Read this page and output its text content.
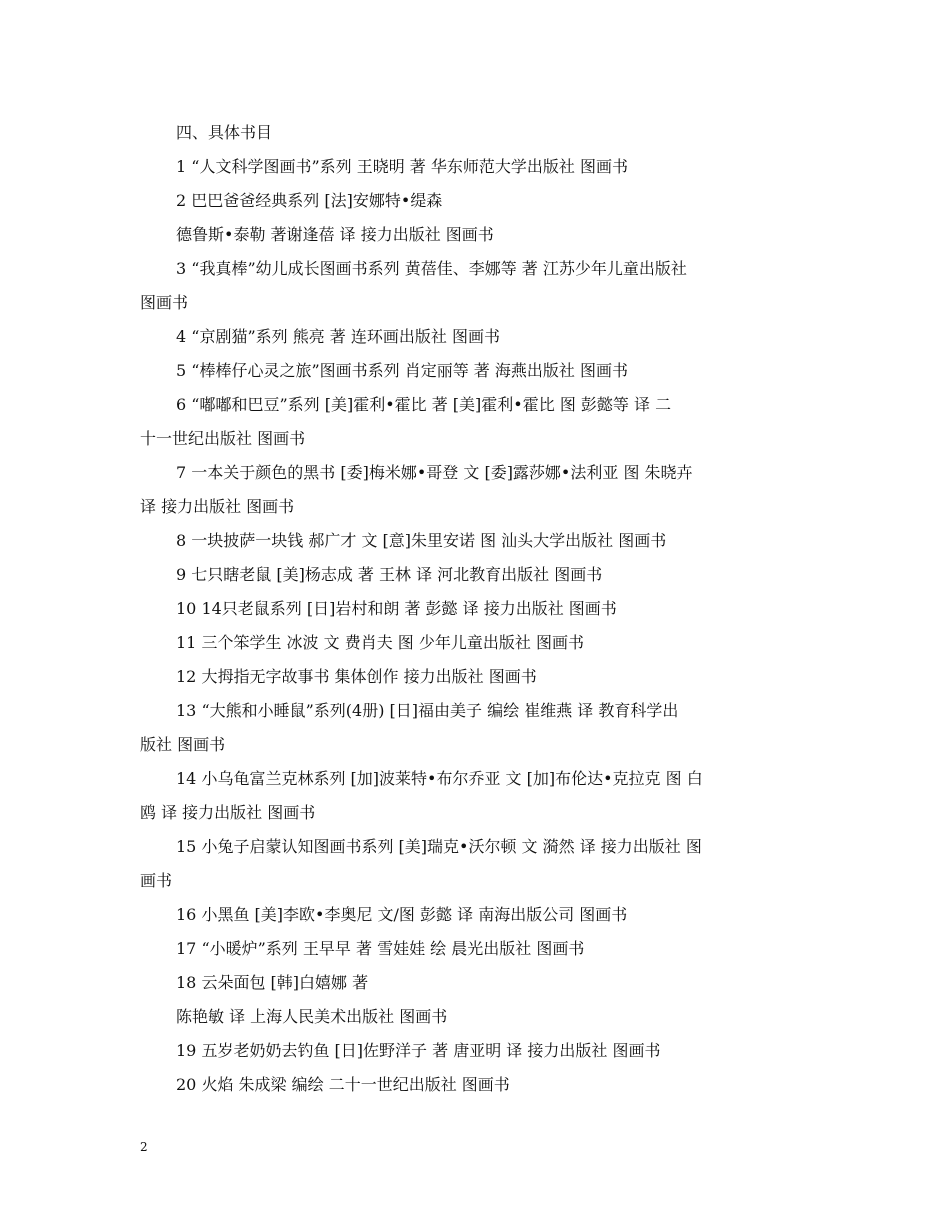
四、具体书目
1 “人文科学图画书”系列 王晓明 著 华东师范大学出版社 图画书
2 巴巴爸爸经典系列 [法]安娜特•缇森
德鲁斯•泰勒 著谢逢蓓 译 接力出版社 图画书
3 “我真棒”幼儿成长图画书系列 黄蓓佳、李娜等 著 江苏少年儿童出版社
图画书
4 “京剧猫”系列 熊亮 著 连环画出版社 图画书
5 “棒棒仔心灵之旅”图画书系列 肖定丽等 著 海燕出版社 图画书
6 “嘟嘟和巴豆”系列 [美]霍利•霍比 著 [美]霍利•霍比 图 彭懿等 译 二
十一世纪出版社 图画书
7 一本关于颜色的黑书 [委]梅米娜•哥登 文 [委]露莎娜•法利亚 图 朱晓卉
译 接力出版社 图画书
8 一块披萨一块钱 郝广才 文 [意]朱里安诺 图 汕头大学出版社 图画书
9 七只瞎老鼠 [美]杨志成 著 王林 译 河北教育出版社 图画书
10 14只老鼠系列 [日]岩村和朗 著 彭懿 译 接力出版社 图画书
11 三个笨学生 冰波 文 费肖夫 图 少年儿童出版社 图画书
12 大拇指无字故事书 集体创作 接力出版社 图画书
13 “大熊和小睡鼠”系列(4册) [日]福由美子 编绘 崔维燕 译 教育科学出
版社 图画书
14 小乌龟富兰克林系列 [加]波莱特•布尔乔亚 文 [加]布伦达•克拉克 图 白
鸥 译 接力出版社 图画书
15 小兔子启蒙认知图画书系列 [美]瑞克•沃尔顿 文 漪然 译 接力出版社 图
画书
16 小黑鱼 [美]李欧•李奥尼 文/图 彭懿 译 南海出版公司 图画书
17 “小暖炉”系列 王早早 著 雪娃娃 绘 晨光出版社 图画书
18 云朵面包 [韩]白嬉娜 著
陈艳敏 译 上海人民美术出版社 图画书
19 五岁老奶奶去钓鱼 [日]佐野洋子 著 唐亚明 译 接力出版社 图画书
20 火焰 朱成梁 编绘 二十一世纪出版社 图画书
2
